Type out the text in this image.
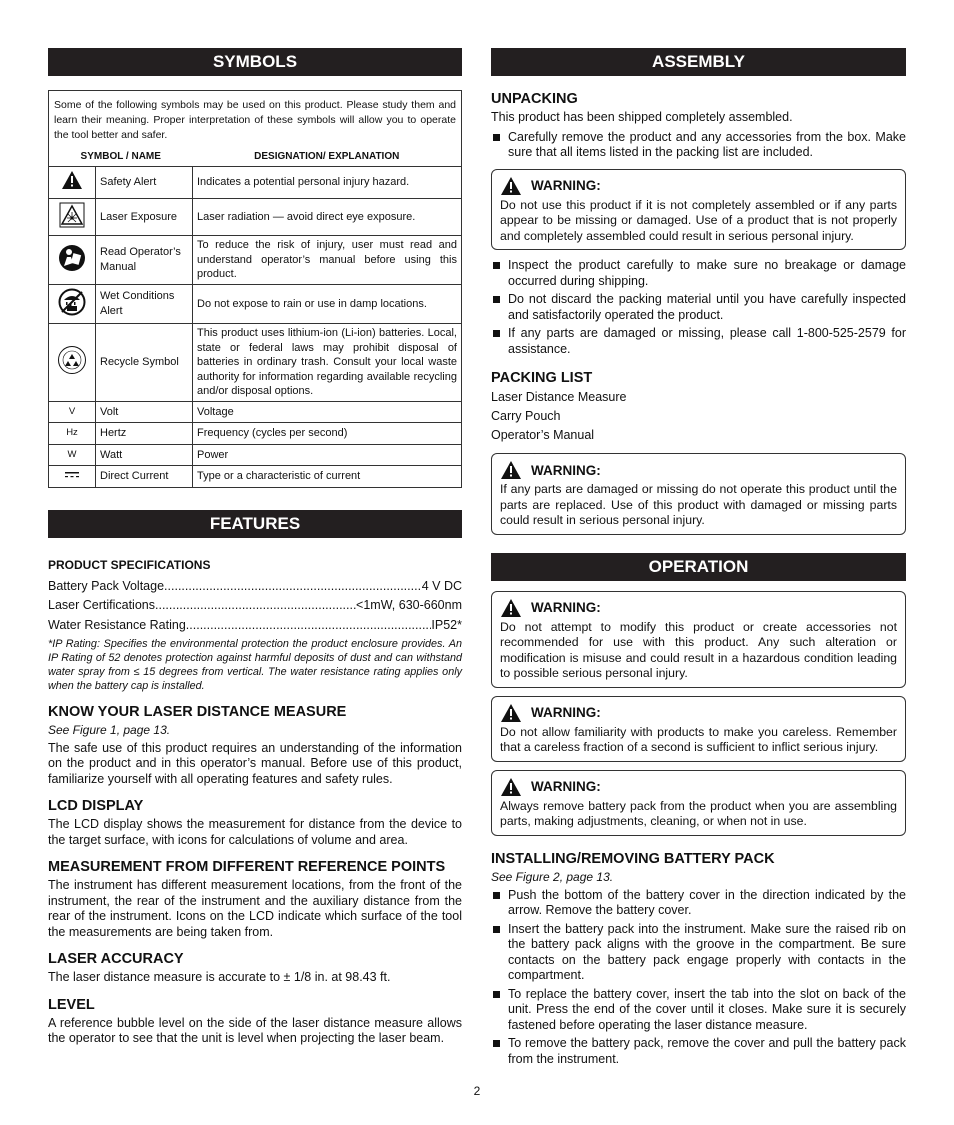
SYMBOLS
Some of the following symbols may be used on this product. Please study them and learn their meaning. Proper interpretation of these symbols will allow you to operate the tool better and safer.
SYMBOL / NAME		DESIGNATION/ EXPLANATION
	Safety Alert	Indicates a potential personal injury hazard.
	Laser Exposure	Laser radiation — avoid direct eye exposure.
	Read Operator’s Manual	To reduce the risk of injury, user must read and understand operator’s manual before using this product.
	Wet Conditions Alert	Do not expose to rain or use in damp locations.
	Recycle Symbol	This product uses lithium-ion (Li-ion) batteries. Local, state or federal laws may prohibit disposal of batteries in ordinary trash. Consult your local waste authority for information regarding available recycling and/or disposal options.
V	Volt	Voltage
Hz	Hertz	Frequency (cycles per second)
W	Watt	Power
	Direct Current	Type or a characteristic of current
FEATURES
PRODUCT SPECIFICATIONS
Battery Pack Voltage .....	4 V DC
Laser Certifications .....	<1mW, 630-660nm
Water Resistance Rating .....	IP52*
*IP Rating: Specifies the environmental protection the product enclosure provides. An IP Rating of 52 denotes protection against harmful deposits of dust and can withstand water spray from ≤ 15 degrees from vertical. The water resistance rating applies only when the battery cap is installed.
KNOW YOUR LASER DISTANCE MEASURE
See Figure 1, page 13.

The safe use of this product requires an understanding of the information on the product and in this operator’s manual. Before use of this product, familiarize yourself with all operating features and safety rules.

LCD DISPLAY

The LCD display shows the measurement for distance from the device to the target surface, with icons for calculations of volume and area.

MEASUREMENT FROM DIFFERENT REFERENCE POINTS

The instrument has different measurement locations, from the front of the instrument, the rear of the instrument and the auxiliary distance from the rear of the instrument. Icons on the LCD indicate which surface of the tool the measurements are being taken from.

LASER ACCURACY

The laser distance measure is accurate to ± 1/8 in. at 98.43 ft.

LEVEL

A reference bubble level on the side of the laser distance measure allows the operator to see that the unit is level when projecting the laser beam.

ASSEMBLY
UNPACKING

This product has been shipped completely assembled.

Carefully remove the product and any accessories from the box. Make sure that all items listed in the packing list are included.
WARNING:

Do not use this product if it is not completely assembled or if any parts appear to be missing or damaged. Use of a product that is not properly and completely assembled could result in serious personal injury.

Inspect the product carefully to make sure no breakage or damage occurred during shipping.
Do not discard the packing material until you have carefully inspected and satisfactorily operated the product.
If any parts are damaged or missing, please call 1-800-525-2579 for assistance.
PACKING LIST

Laser Distance Measure

Carry Pouch

Operator’s Manual

WARNING:

If any parts are damaged or missing do not operate this product until the parts are replaced. Use of this product with damaged or missing parts could result in serious personal injury.

OPERATION
WARNING:

Do not attempt to modify this product or create accessories not recommended for use with this product. Any such alteration or modification is misuse and could result in a hazardous condition leading to possible serious personal injury.

WARNING:

Do not allow familiarity with products to make you careless. Remember that a careless fraction of a second is sufficient to inflict serious injury.

WARNING:

Always remove battery pack from the product when you are assembling parts, making adjustments, cleaning, or when not in use.

INSTALLING/REMOVING BATTERY PACK
See Figure 2, page 13.
Push the bottom of the battery cover in the direction indicated by the arrow. Remove the battery cover.
Insert the battery pack into the instrument. Make sure the raised rib on the battery pack aligns with the groove in the compartment. Be sure contacts on the battery pack engage properly with contacts in the compartment.
To replace the battery cover, insert the tab into the slot on back of the unit. Press the end of the cover until it closes. Make sure it is securely fastened before operating the laser distance measure.
To remove the battery pack, remove the cover and pull the battery pack from the instrument.
2
